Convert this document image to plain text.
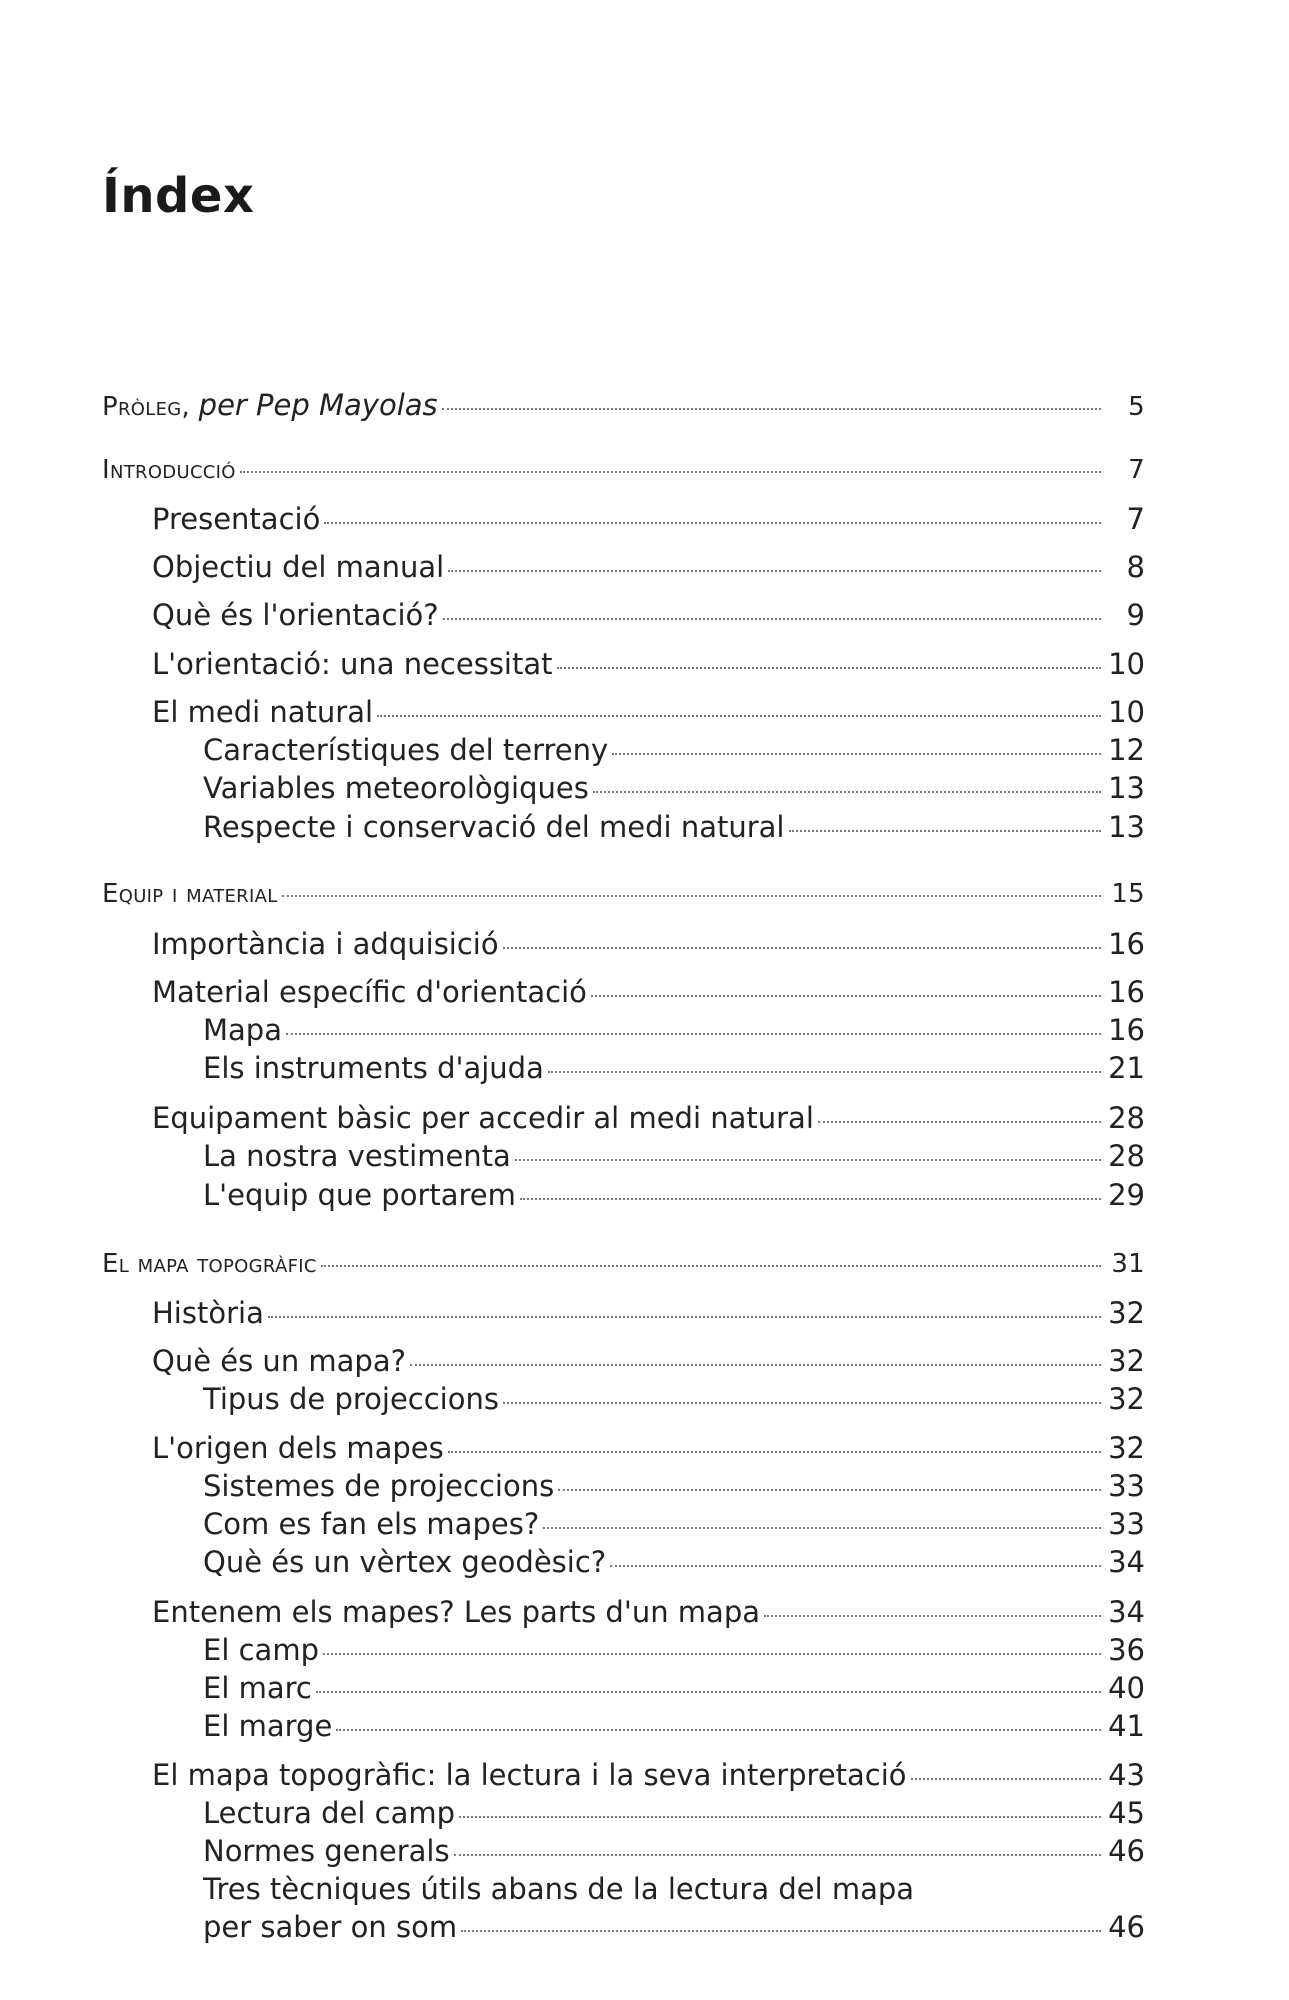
Índex
Pròleg, per Pep Mayolas	5
Introducció	7
Presentació	7
Objectiu del manual	8
Què és l'orientació?	9
L'orientació: una necessitat	10
El medi natural	10
Característiques del terreny	12
Variables meteorològiques	13
Respecte i conservació del medi natural	13
Equip i material	15
Importància i adquisició	16
Material específic d'orientació	16
Mapa	16
Els instruments d'ajuda	21
Equipament bàsic per accedir al medi natural	28
La nostra vestimenta	28
L'equip que portarem	29
El mapa topogràfic	31
Història	32
Què és un mapa?	32
Tipus de projeccions	32
L'origen dels mapes	32
Sistemes de projeccions	33
Com es fan els mapes?	33
Què és un vèrtex geodèsic?	34
Entenem els mapes? Les parts d'un mapa	34
El camp	36
El marc	40
El marge	41
El mapa topogràfic: la lectura i la seva interpretació	43
Lectura del camp	45
Normes generals	46
Tres tècniques útils abans de la lectura del mapa
per saber on som	46
